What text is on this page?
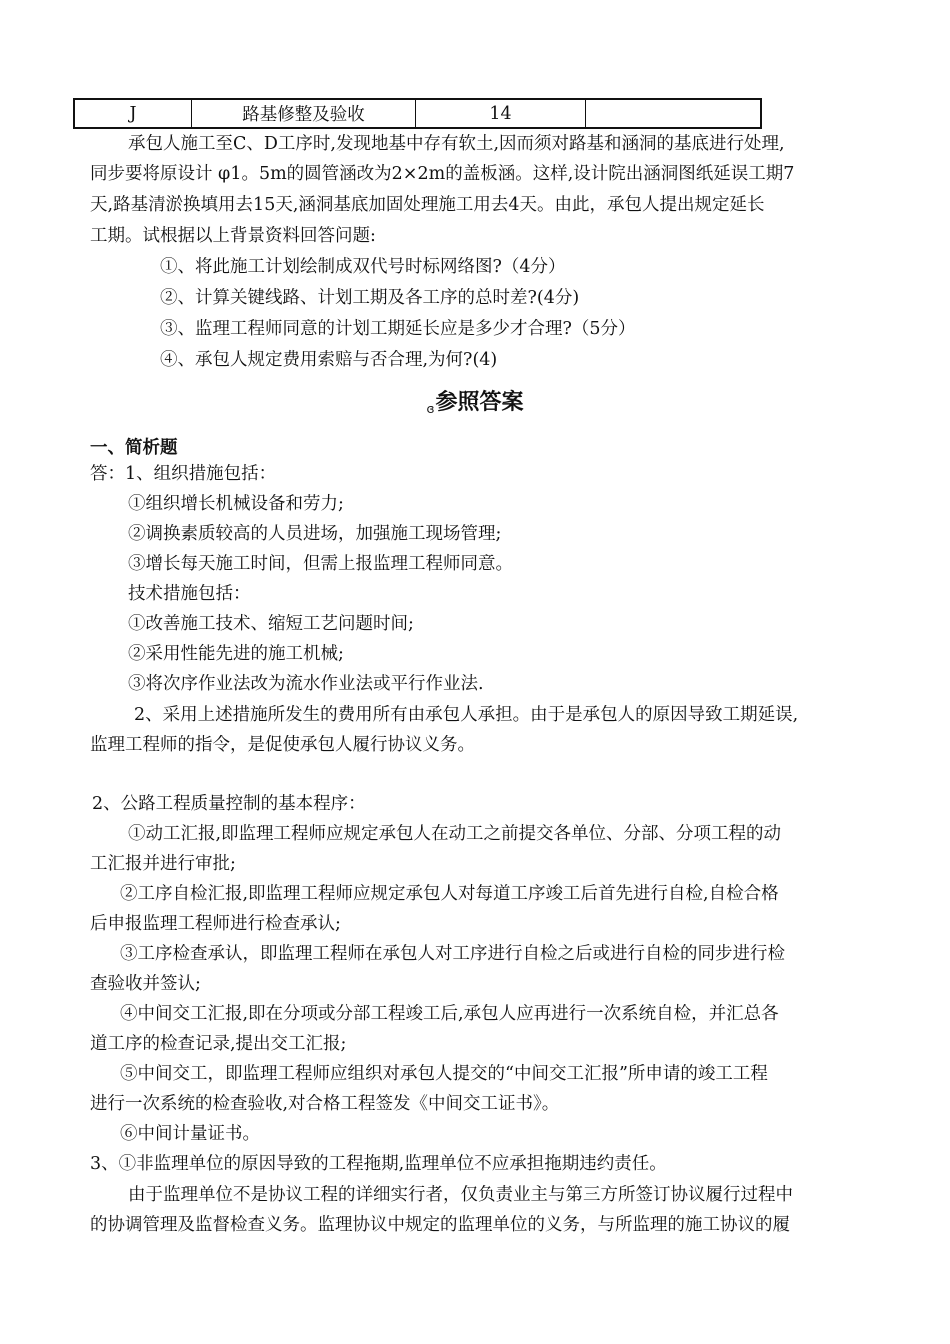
J	路基修整及验收	14
承包人施工至C、D工序时,发现地基中存有软土,因而须对路基和涵洞的基底进行处理,
同步要将原设计 φ1。5m的圆管涵改为2×2m的盖板涵。这样,设计院出涵洞图纸延误工期7
天,路基清淤换填用去15天,涵洞基底加固处理施工用去4天。由此，承包人提出规定延长
工期。试根据以上背景资料回答问题:
①、将此施工计划绘制成双代号时标网络图?（4分）
②、计算关键线路、计划工期及各工序的总时差?(4分)
③、监理工程师同意的计划工期延长应是多少才合理?（5分）
④、承包人规定费用索赔与否合理,为何?(4)
ɞ参照答案
一、简析题
答：1、组织措施包括：
①组织增长机械设备和劳力;
②调换素质较高的人员进场，加强施工现场管理;
③增长每天施工时间，但需上报监理工程师同意。
技术措施包括：
①改善施工技术、缩短工艺问题时间;
②采用性能先进的施工机械;
③将次序作业法改为流水作业法或平行作业法.
2、采用上述措施所发生的费用所有由承包人承担。由于是承包人的原因导致工期延误,
监理工程师的指令，是促使承包人履行协议义务。
2、公路工程质量控制的基本程序：
①动工汇报,即监理工程师应规定承包人在动工之前提交各单位、分部、分项工程的动
工汇报并进行审批;
②工序自检汇报,即监理工程师应规定承包人对每道工序竣工后首先进行自检,自检合格
后申报监理工程师进行检查承认;
③工序检查承认，即监理工程师在承包人对工序进行自检之后或进行自检的同步进行检
查验收并签认;
④中间交工汇报,即在分项或分部工程竣工后,承包人应再进行一次系统自检，并汇总各
道工序的检查记录,提出交工汇报;
⑤中间交工，即监理工程师应组织对承包人提交的“中间交工汇报”所申请的竣工工程
进行一次系统的检查验收,对合格工程签发《中间交工证书》。
⑥中间计量证书。
3、①非监理单位的原因导致的工程拖期,监理单位不应承担拖期违约责任。
由于监理单位不是协议工程的详细实行者，仅负责业主与第三方所签订协议履行过程中
的协调管理及监督检查义务。监理协议中规定的监理单位的义务，与所监理的施工协议的履
